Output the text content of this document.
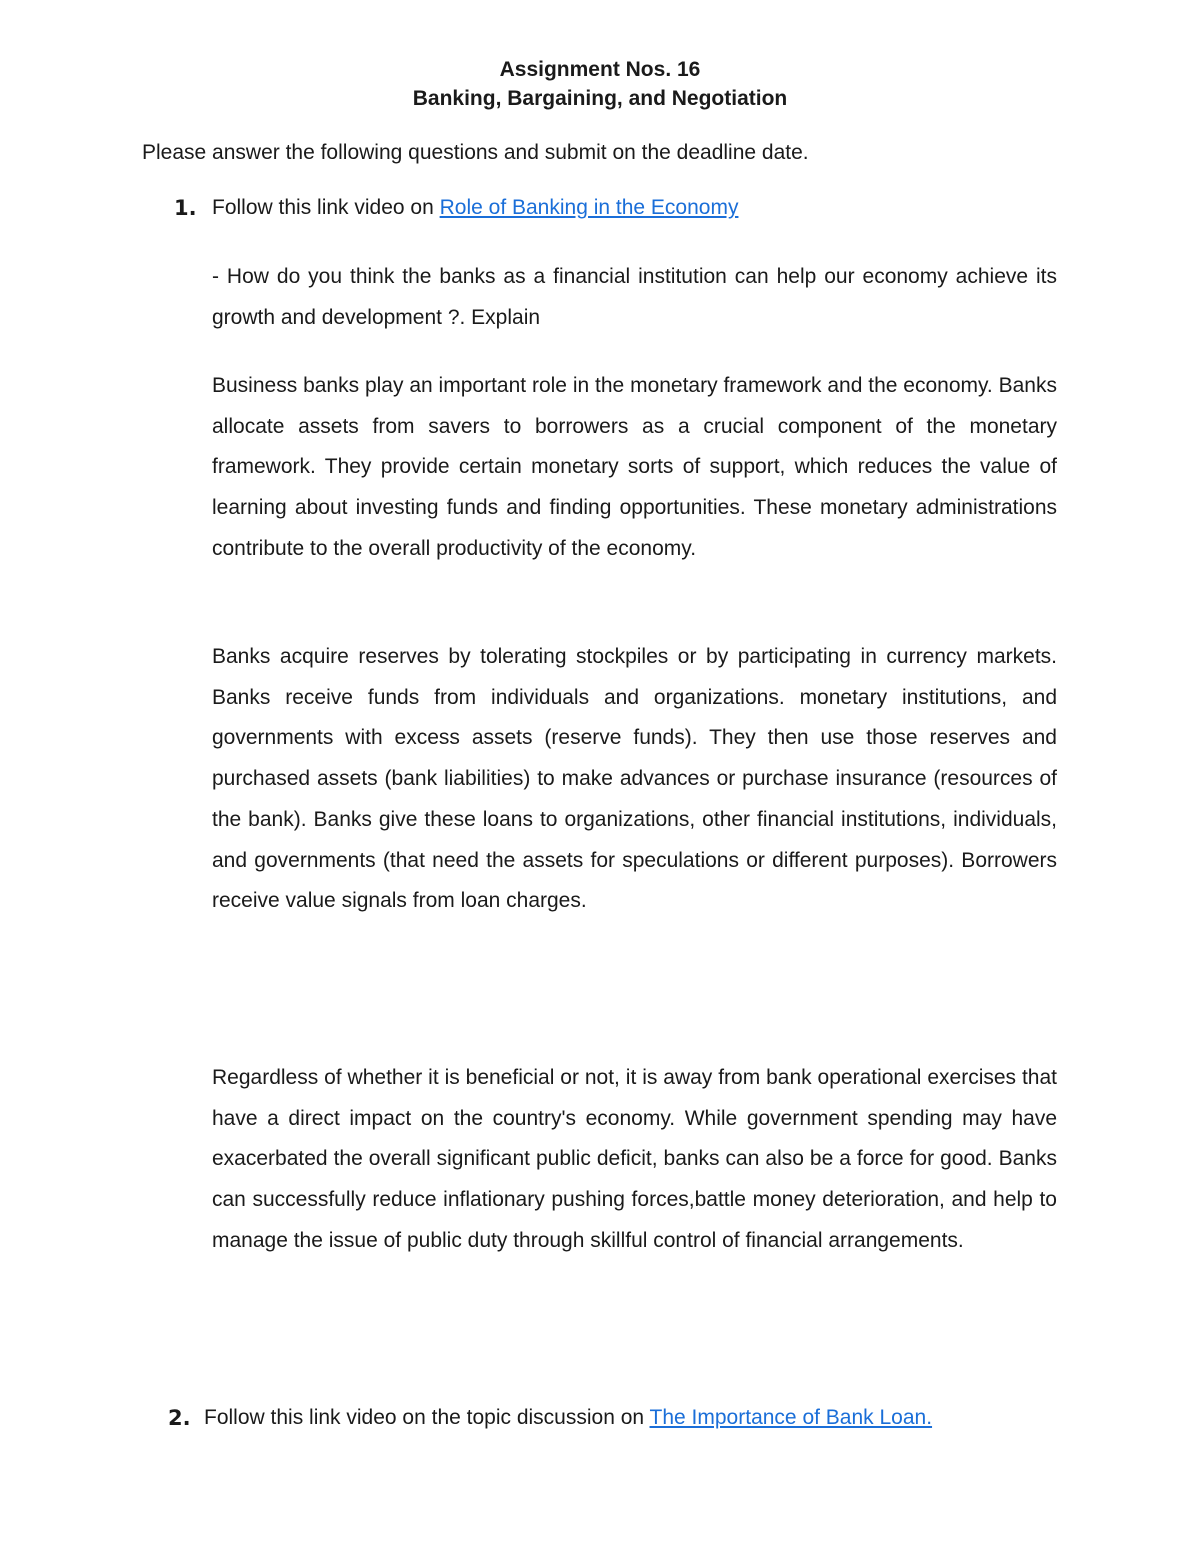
Assignment Nos. 16
Banking, Bargaining, and Negotiation
Please answer the following questions and submit on the deadline date.
1. Follow this link video on Role of Banking in the Economy

- How do you think the banks as a financial institution can help our economy achieve its growth and development ?. Explain

Business banks play an important role in the monetary framework and the economy. Banks allocate assets from savers to borrowers as a crucial component of the monetary framework. They provide certain monetary sorts of support, which reduces the value of learning about investing funds and finding opportunities. These monetary administrations contribute to the overall productivity of the economy.

Banks acquire reserves by tolerating stockpiles or by participating in currency markets. Banks receive funds from individuals and organizations. monetary institutions, and governments with excess assets (reserve funds). They then use those reserves and purchased assets (bank liabilities) to make advances or purchase insurance (resources of the bank). Banks give these loans to organizations, other financial institutions, individuals, and governments (that need the assets for speculations or different purposes). Borrowers receive value signals from loan charges.

Regardless of whether it is beneficial or not, it is away from bank operational exercises that have a direct impact on the country's economy. While government spending may have exacerbated the overall significant public deficit, banks can also be a force for good. Banks can successfully reduce inflationary pushing forces,battle money deterioration, and help to manage the issue of public duty through skillful control of financial arrangements.

2. Follow this link video on the topic discussion on The Importance of Bank Loan.
